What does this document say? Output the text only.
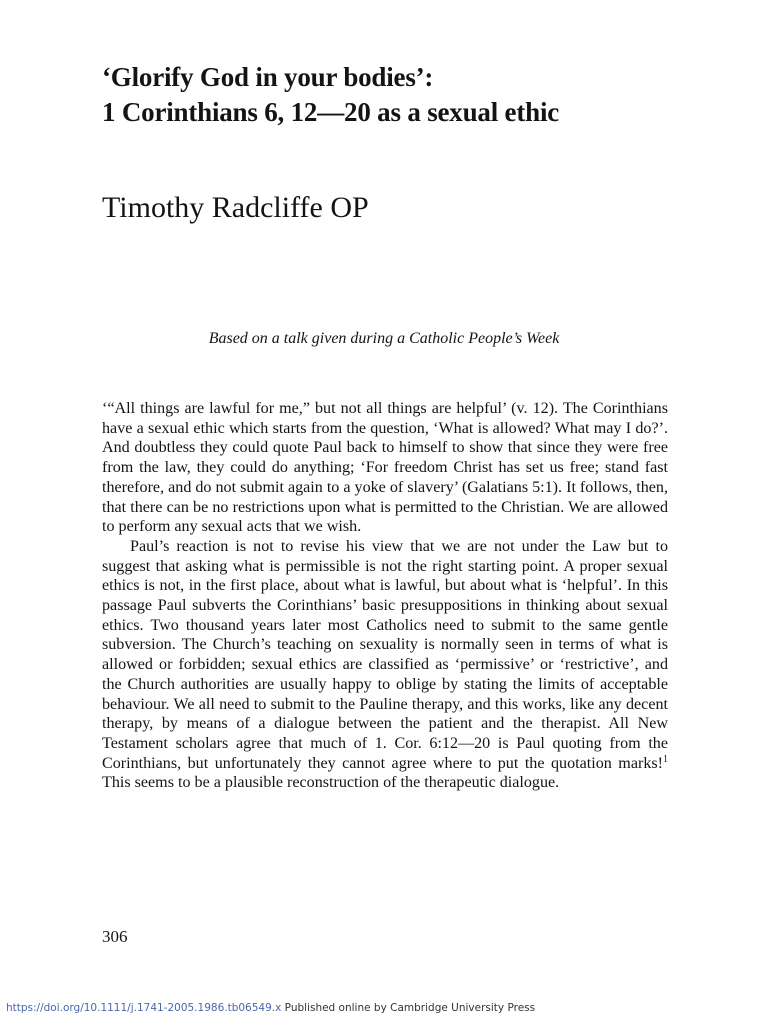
‘Glorify God in your bodies’:
1 Corinthians 6, 12—20 as a sexual ethic
Timothy Radcliffe OP
Based on a talk given during a Catholic People’s Week

‘“All things are lawful for me,” but not all things are helpful’ (v. 12). The Corinthians have a sexual ethic which starts from the question, ‘What is allowed? What may I do?’. And doubtless they could quote Paul back to himself to show that since they were free from the law, they could do anything; ‘For freedom Christ has set us free; stand fast therefore, and do not submit again to a yoke of slavery’ (Galatians 5:1). It follows, then, that there can be no restrictions upon what is permitted to the Christian. We are allowed to perform any sexual acts that we wish.

Paul’s reaction is not to revise his view that we are not under the Law but to suggest that asking what is permissible is not the right starting point. A proper sexual ethics is not, in the first place, about what is lawful, but about what is ‘helpful’. In this passage Paul subverts the Corinthians’ basic presuppositions in thinking about sexual ethics. Two thousand years later most Catholics need to submit to the same gentle subversion. The Church’s teaching on sexuality is normally seen in terms of what is allowed or forbidden; sexual ethics are classified as ‘permissive’ or ‘restrictive’, and the Church authorities are usually happy to oblige by stating the limits of acceptable behaviour. We all need to submit to the Pauline therapy, and this works, like any decent therapy, by means of a dialogue between the patient and the therapist. All New Testament scholars agree that much of 1. Cor. 6:12—20 is Paul quoting from the Corinthians, but unfortunately they cannot agree where to put the quotation marks!$^1$ This seems to be a plausible reconstruction of the therapeutic dialogue.

306
https://doi.org/10.1111/j.1741-2005.1986.tb06549.x Published online by Cambridge University Press
